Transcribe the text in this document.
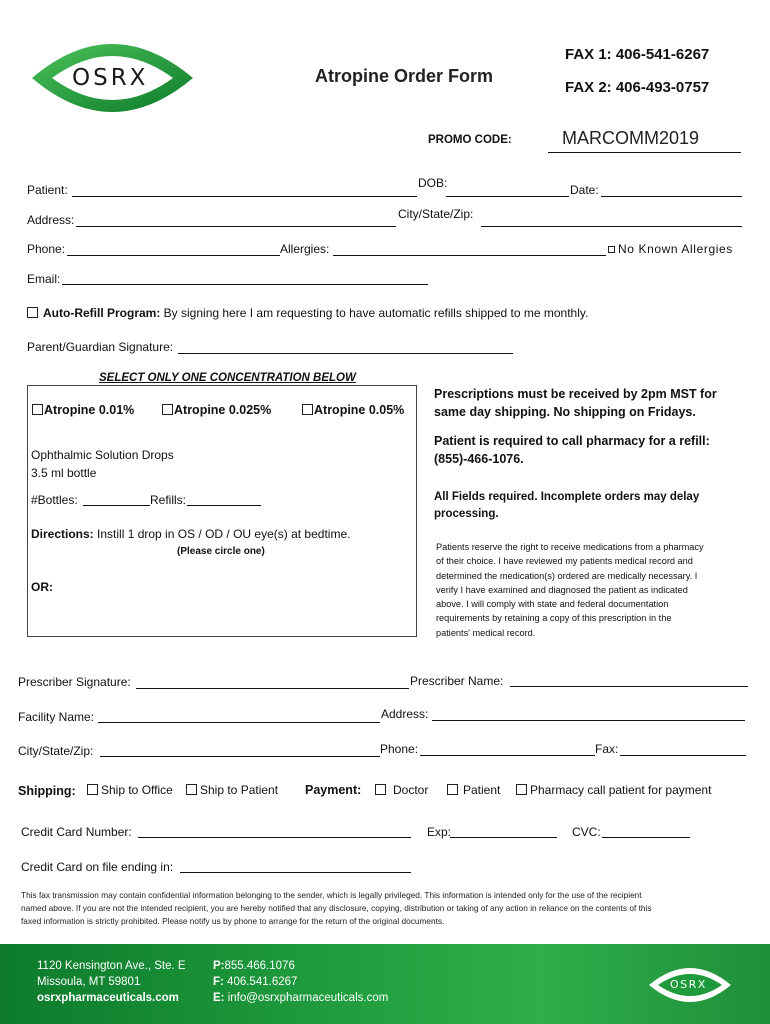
OSRX	Atropine Order Form
FAX 1: 406-541-6267
FAX 2: 406-493-0757
PROMO CODE:	MARCOMM2019
Patient:	DOB:	Date:
Address:	City/State/Zip:
Phone:	Allergies:	No Known Allergies
Email:
Auto-Refill Program: By signing here I am requesting to have automatic refills shipped to me monthly.
Parent/Guardian Signature:
SELECT ONLY ONE CONCENTRATION BELOW
Atropine 0.01%	Atropine 0.025%	Atropine 0.05%
Ophthalmic Solution Drops
3.5 ml bottle
#Bottles:	Refills:
Directions: Instill 1 drop in OS / OD / OU eye(s) at bedtime.
(Please circle one)
OR:
Prescriptions must be received by 2pm MST for
same day shipping. No shipping on Fridays.
Patient is required to call pharmacy for a refill:
(855)-466-1076.
All Fields required. Incomplete orders may delay
processing.
Patients reserve the right to receive medications from a pharmacy
of their choice. I have reviewed my patients medical record and
determined the medication(s) ordered are medically necessary. I
verify I have examined and diagnosed the patient as indicated
above. I will comply with state and federal documentation
requirements by retaining a copy of this prescription in the
patients' medical record.
Prescriber Signature:	Prescriber Name:
Facility Name:	Address:
City/State/Zip:	Phone:	Fax:
Shipping:	Ship to Office	Ship to Patient Payment:	Doctor	Patient	Pharmacy call patient for payment
Credit Card Number:	Exp:	CVC:
Credit Card on file ending in:
This fax transmission may contain confidential information belonging to the sender, which is legally privileged. This information is intended only for the use of the recipient
named above. If you are not the intended recipient, you are hereby notified that any disclosure, copying, distribution or taking of any action in reliance on the contents of this
faxed information is strictly prohibited. Please notify us by phone to arrange for the return of the original documents.
1120 Kensington Ave., Ste. E
Missoula, MT 59801
osrxpharmaceuticals.com
P:855.466.1076
F: 406.541.6267
E: info@osrxpharmaceuticals.com
OSRX
